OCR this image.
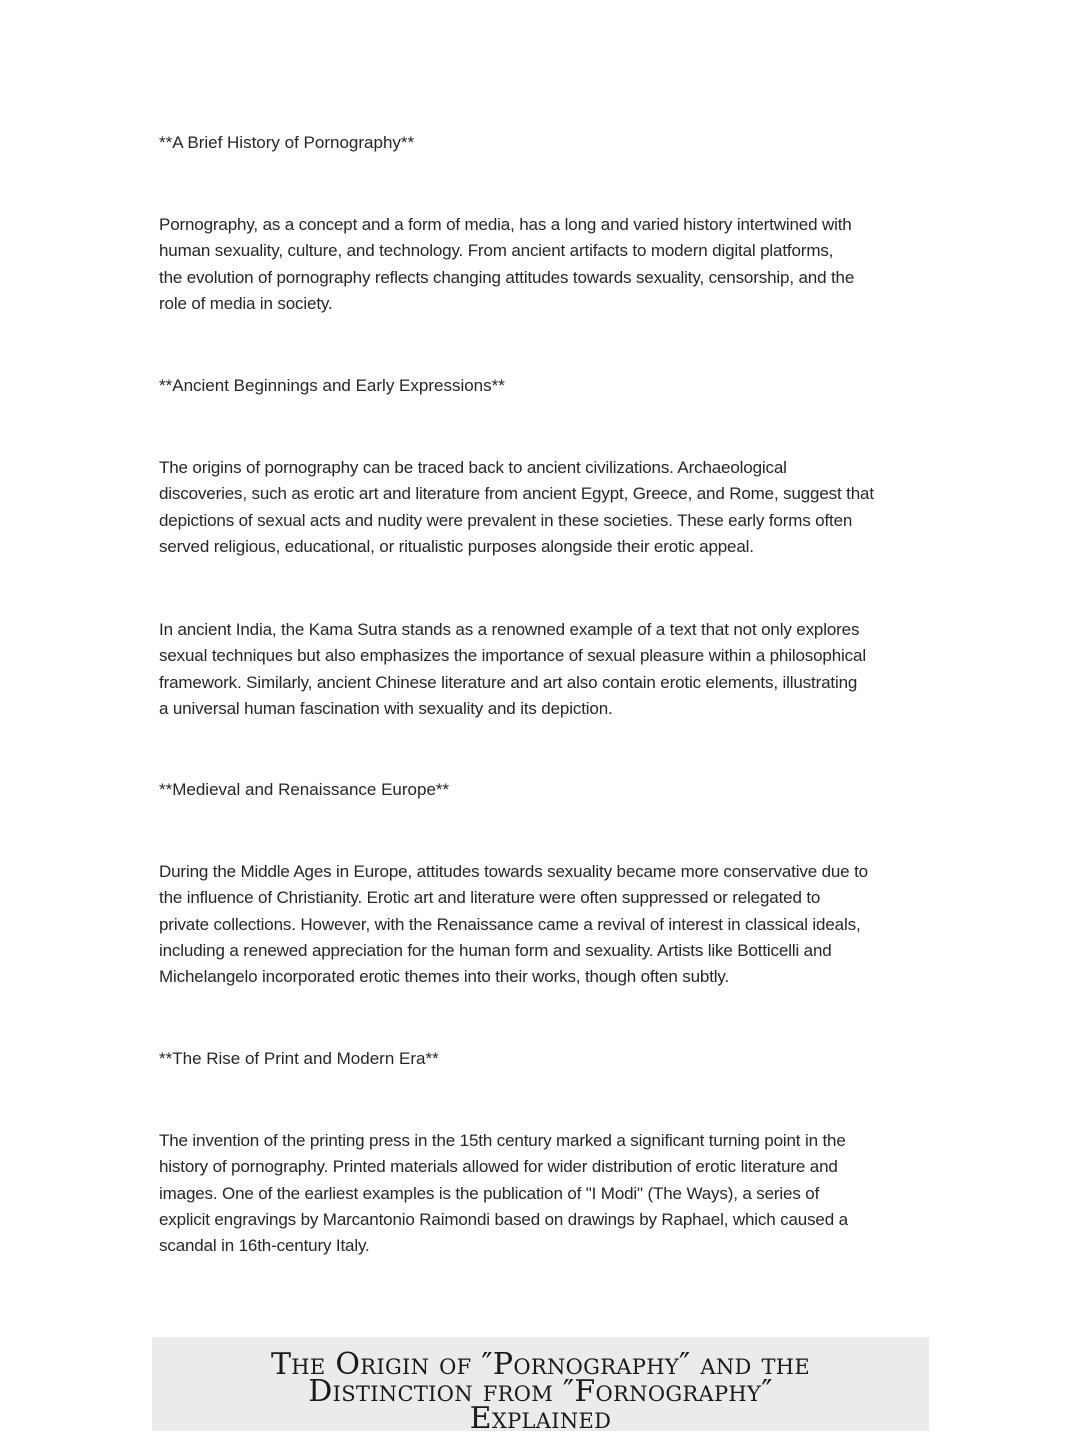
**A Brief History of Pornography**
Pornography, as a concept and a form of media, has a long and varied history intertwined with
human sexuality, culture, and technology. From ancient artifacts to modern digital platforms,
the evolution of pornography reflects changing attitudes towards sexuality, censorship, and the
role of media in society.
**Ancient Beginnings and Early Expressions**
The origins of pornography can be traced back to ancient civilizations. Archaeological
discoveries, such as erotic art and literature from ancient Egypt, Greece, and Rome, suggest that
depictions of sexual acts and nudity were prevalent in these societies. These early forms often
served religious, educational, or ritualistic purposes alongside their erotic appeal.
In ancient India, the Kama Sutra stands as a renowned example of a text that not only explores
sexual techniques but also emphasizes the importance of sexual pleasure within a philosophical
framework. Similarly, ancient Chinese literature and art also contain erotic elements, illustrating
a universal human fascination with sexuality and its depiction.
**Medieval and Renaissance Europe**
During the Middle Ages in Europe, attitudes towards sexuality became more conservative due to
the influence of Christianity. Erotic art and literature were often suppressed or relegated to
private collections. However, with the Renaissance came a revival of interest in classical ideals,
including a renewed appreciation for the human form and sexuality. Artists like Botticelli and
Michelangelo incorporated erotic themes into their works, though often subtly.
**The Rise of Print and Modern Era**
The invention of the printing press in the 15th century marked a significant turning point in the
history of pornography. Printed materials allowed for wider distribution of erotic literature and
images. One of the earliest examples is the publication of "I Modi" (The Ways), a series of
explicit engravings by Marcantonio Raimondi based on drawings by Raphael, which caused a
scandal in 16th-century Italy.
The Origin of ″Pornography″ and the
Distinction from ″Fornography″
Explained
